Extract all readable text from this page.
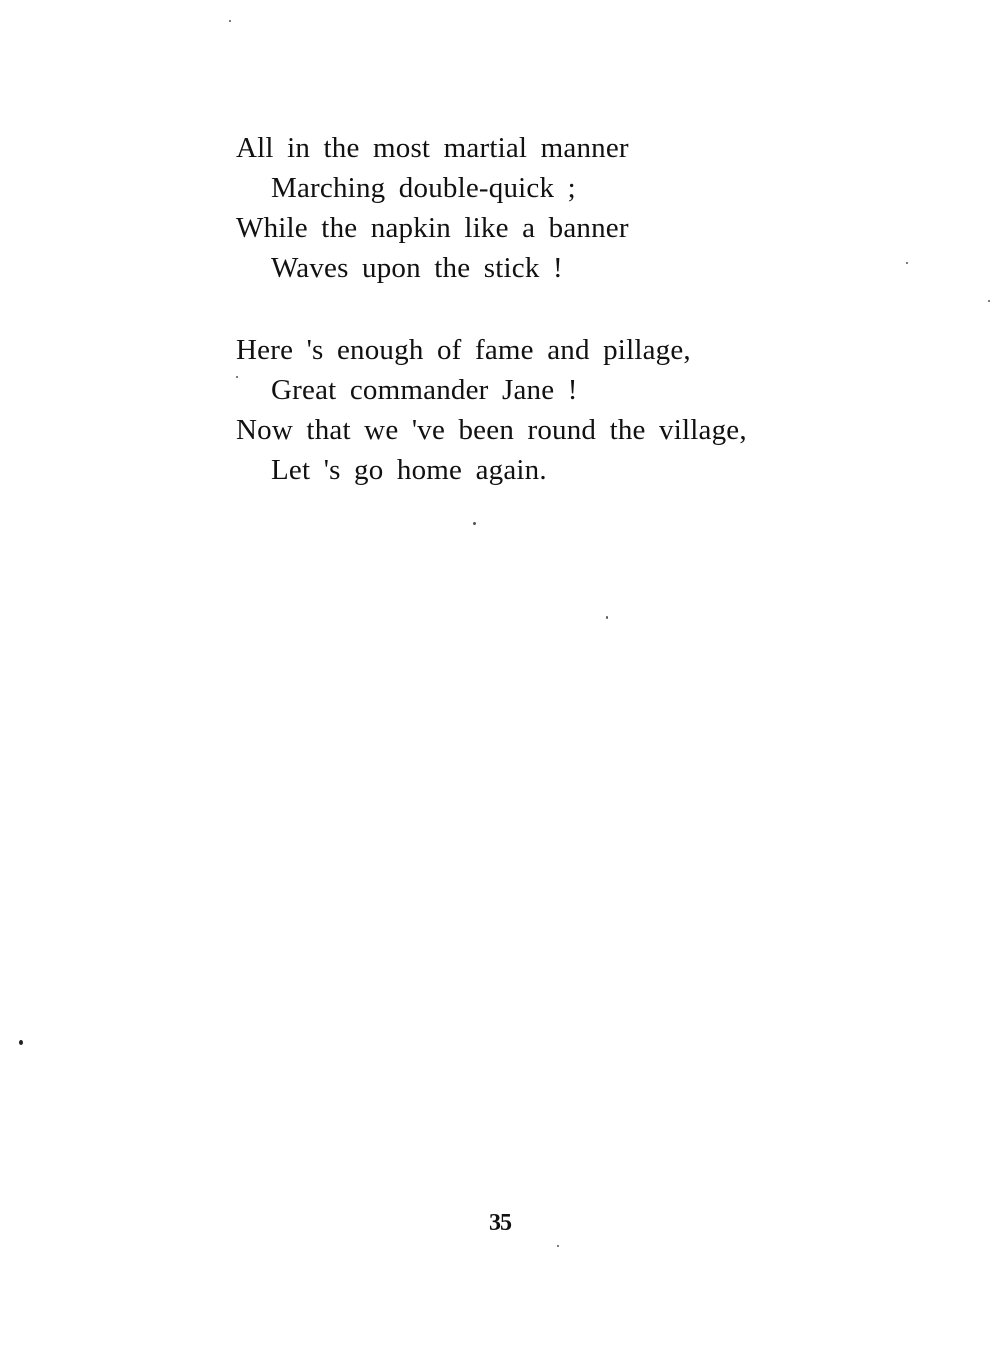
All in the most martial manner
Marching double-quick ;
While the napkin like a banner
Waves upon the stick !
Here 's enough of fame and pillage,
Great commander Jane !
Now that we 've been round the village,
Let 's go home again.
35
